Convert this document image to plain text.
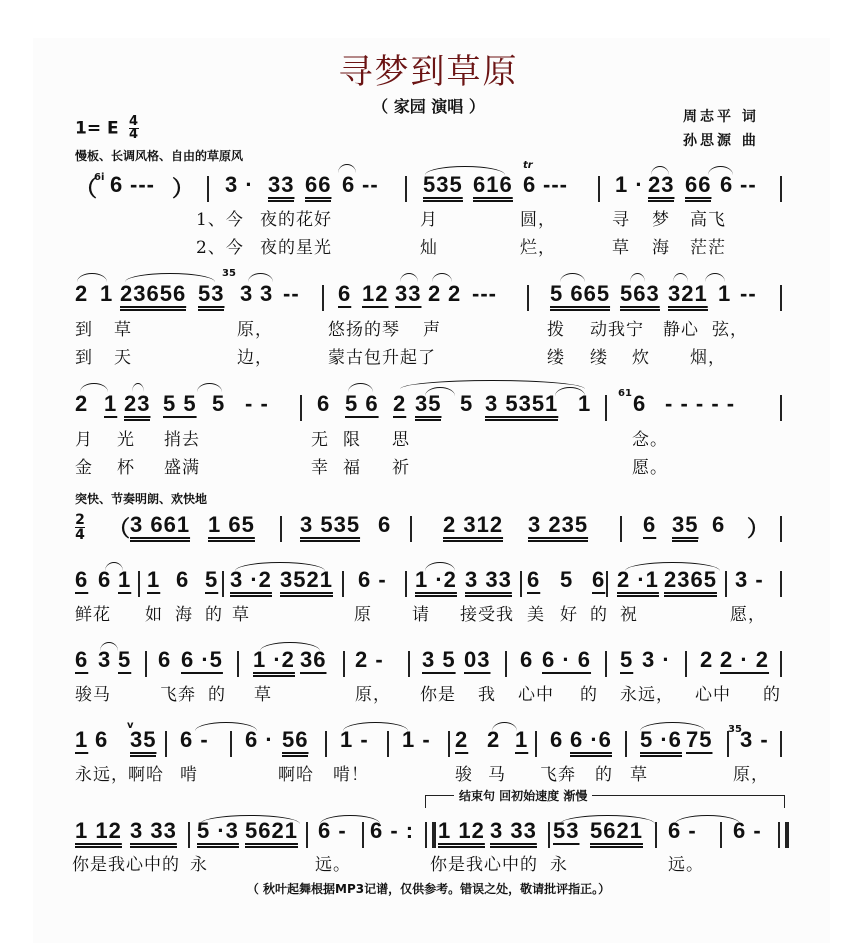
寻梦到草原
（ 家园 演唱 ）
周志平 词
孙思源 曲
1= E $\frac{4}{4}$
慢板、长调风格、自由的草原风
突快、节奏明朗、欢快地
$\frac{2}{4}$
（ 6 --- ） 3 · 33 66 6 -- 535 616 6 --- 1 · 23 66 6 --
1、今 夜的花好	月	圆，	寻 梦 高飞
2、今 夜的星光	灿	烂，	草 海 茫茫
2 1 23656 53 3 3 -- 6 12 33 2 2 --- 5 665 563 321 1 --
到 草	原，	悠扬的琴 声	拨 动我宁 静心 弦，
到 天	边，	蒙古包升起了	缕 缕 炊 烟，
2 1 23 5 5 5 - - 6 5 6 2 35 5 3 5351 1 6 - - - - -
月 光 捎去	无 限 思	念。
金 杯 盛满	幸 福 祈	愿。
（
3 661 1 65 3 535 6 2 312 3 235 6 35 6 ）
6 6 1 1 6 5 3 ·2 3521 6 - 1 ·2 3 33 6 5 6 2 ·1 2365 3 -
鲜花 如 海 的 草	原 请 接受我 美 好 的 祝	愿，
6 3 5 6 6 ·5 1 ·2 36 2 - 3 5 03 6 6 · 6 5 3 · 2 2 · 2
骏马	飞奔 的 草	原， 你是 我 心中 的 永远， 心中 的
1 6 35 6 - 6 · 56 1 - 1 - 2 2 1 6 6 ·6 5 ·6 75 3 -
永远， 啊哈 啃	啊哈 啃！	骏 马 飞奔 的 草	原，
1 12 3 33 5 ·3 5621 6 - 6 - : 1 12 3 33 53 5621 6 - 6 -
你是我心中的 永	远。	你是我心中的 永	远。
6i
35
61
35
tr
v
结束句 回初始速度 渐慢
（ 秋叶起舞根据MP3记谱，仅供参考。错误之处，敬请批评指正。）
